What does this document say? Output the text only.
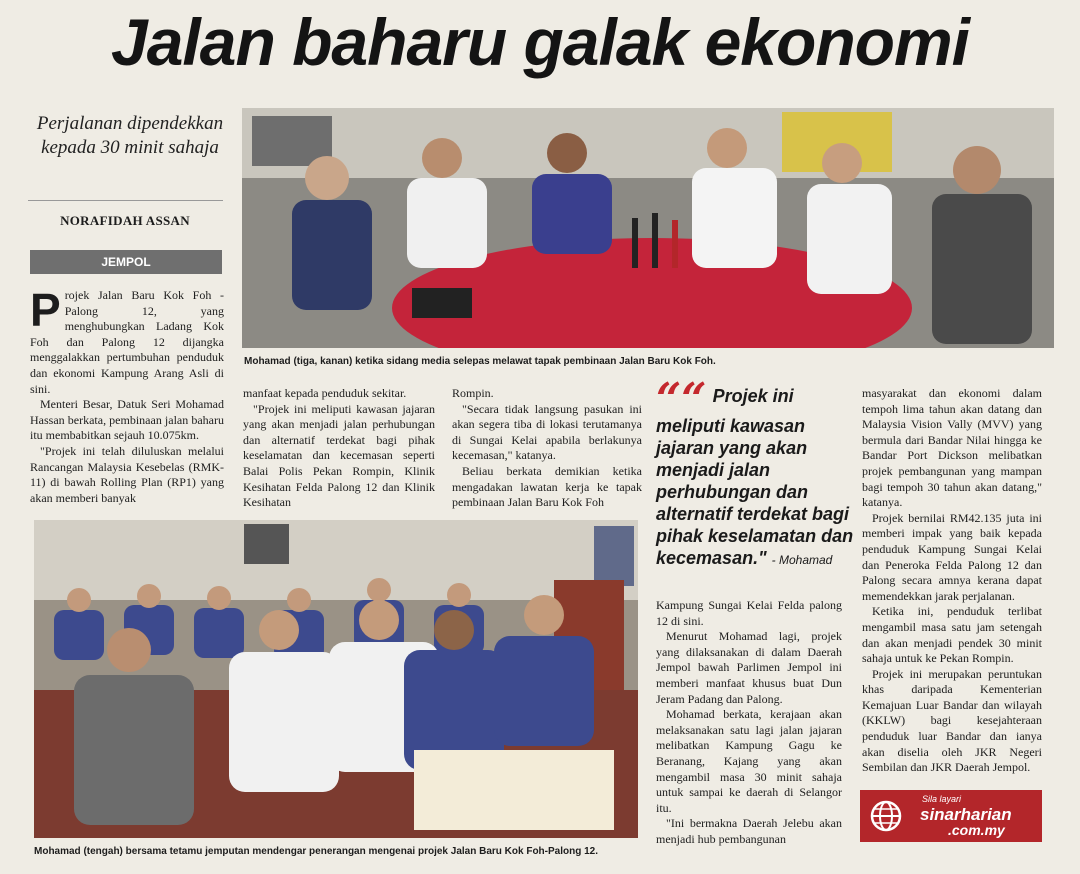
Jalan baharu galak ekonomi
Perjalanan dipendekkan kepada 30 minit sahaja
NORAFIDAH ASSAN
JEMPOL
P rojek Jalan Baru Kok Foh - Palong 12, yang menghubungkan Ladang Kok Foh dan Palong 12 dijangka menggalakkan pertumbuhan penduduk dan ekonomi Kampung Arang Asli di sini.

Menteri Besar, Datuk Seri Mohamad Hassan berkata, pembinaan jalan baharu itu membabitkan sejauh 10.075km.

"Projek ini telah diluluskan melalui Rancangan Malaysia Kesebelas (RMK-11) di bawah Rolling Plan (RP1) yang akan memberi banyak

Mohamad (tiga, kanan) ketika sidang media selepas melawat tapak pembinaan Jalan Baru Kok Foh.

manfaat kepada penduduk sekitar.

"Projek ini meliputi kawasan jajaran yang akan menjadi jalan perhubungan dan alternatif terdekat bagi pihak keselamatan dan kecemasan seperti Balai Polis Pekan Rompin, Klinik Kesihatan Felda Palong 12 dan Klinik Kesihatan

Rompin.

"Secara tidak langsung pasukan ini akan segera tiba di lokasi terutamanya di Sungai Kelai apabila berlakunya kecemasan," katanya.

Beliau berkata demikian ketika mengadakan lawatan kerja ke tapak pembinaan Jalan Baru Kok Foh

““ Projek ini meliputi kawasan jajaran yang akan menjadi jalan perhubungan dan alternatif terdekat bagi pihak keselamatan dan kecemasan." - Mohamad
Mohamad (tengah) bersama tetamu jemputan mendengar penerangan mengenai projek Jalan Baru Kok Foh-Palong 12.

Kampung Sungai Kelai Felda palong 12 di sini.

Menurut Mohamad lagi, projek yang dilaksanakan di dalam Daerah Jempol bawah Parlimen Jempol ini memberi manfaat khusus buat Dun Jeram Padang dan Palong.

Mohamad berkata, kerajaan akan melaksanakan satu lagi jalan jajaran melibatkan Kampung Gagu ke Beranang, Kajang yang akan mengambil masa 30 minit sahaja untuk sampai ke daerah di Selangor itu.

"Ini bermakna Daerah Jelebu akan menjadi hub pembangunan

masyarakat dan ekonomi dalam tempoh lima tahun akan datang dan Malaysia Vision Vally (MVV) yang bermula dari Bandar Nilai hingga ke Bandar Port Dickson melibatkan projek pembangunan yang mampan bagi tempoh 30 tahun akan datang," katanya.

Projek bernilai RM42.135 juta ini memberi impak yang baik kepada penduduk Kampung Sungai Kelai dan Peneroka Felda Palong 12 dan Palong secara amnya kerana dapat memendekkan jarak perjalanan.

Ketika ini, penduduk terlibat mengambil masa satu jam setengah dan akan menjadi pendek 30 minit sahaja untuk ke Pekan Rompin.

Projek ini merupakan peruntukan khas daripada Kementerian Kemajuan Luar Bandar dan wilayah (KKLW) bagi kesejahteraan penduduk luar Bandar dan ianya akan diselia oleh JKR Negeri Sembilan dan JKR Daerah Jempol.

Sila layari
sinarharian
.com.my
